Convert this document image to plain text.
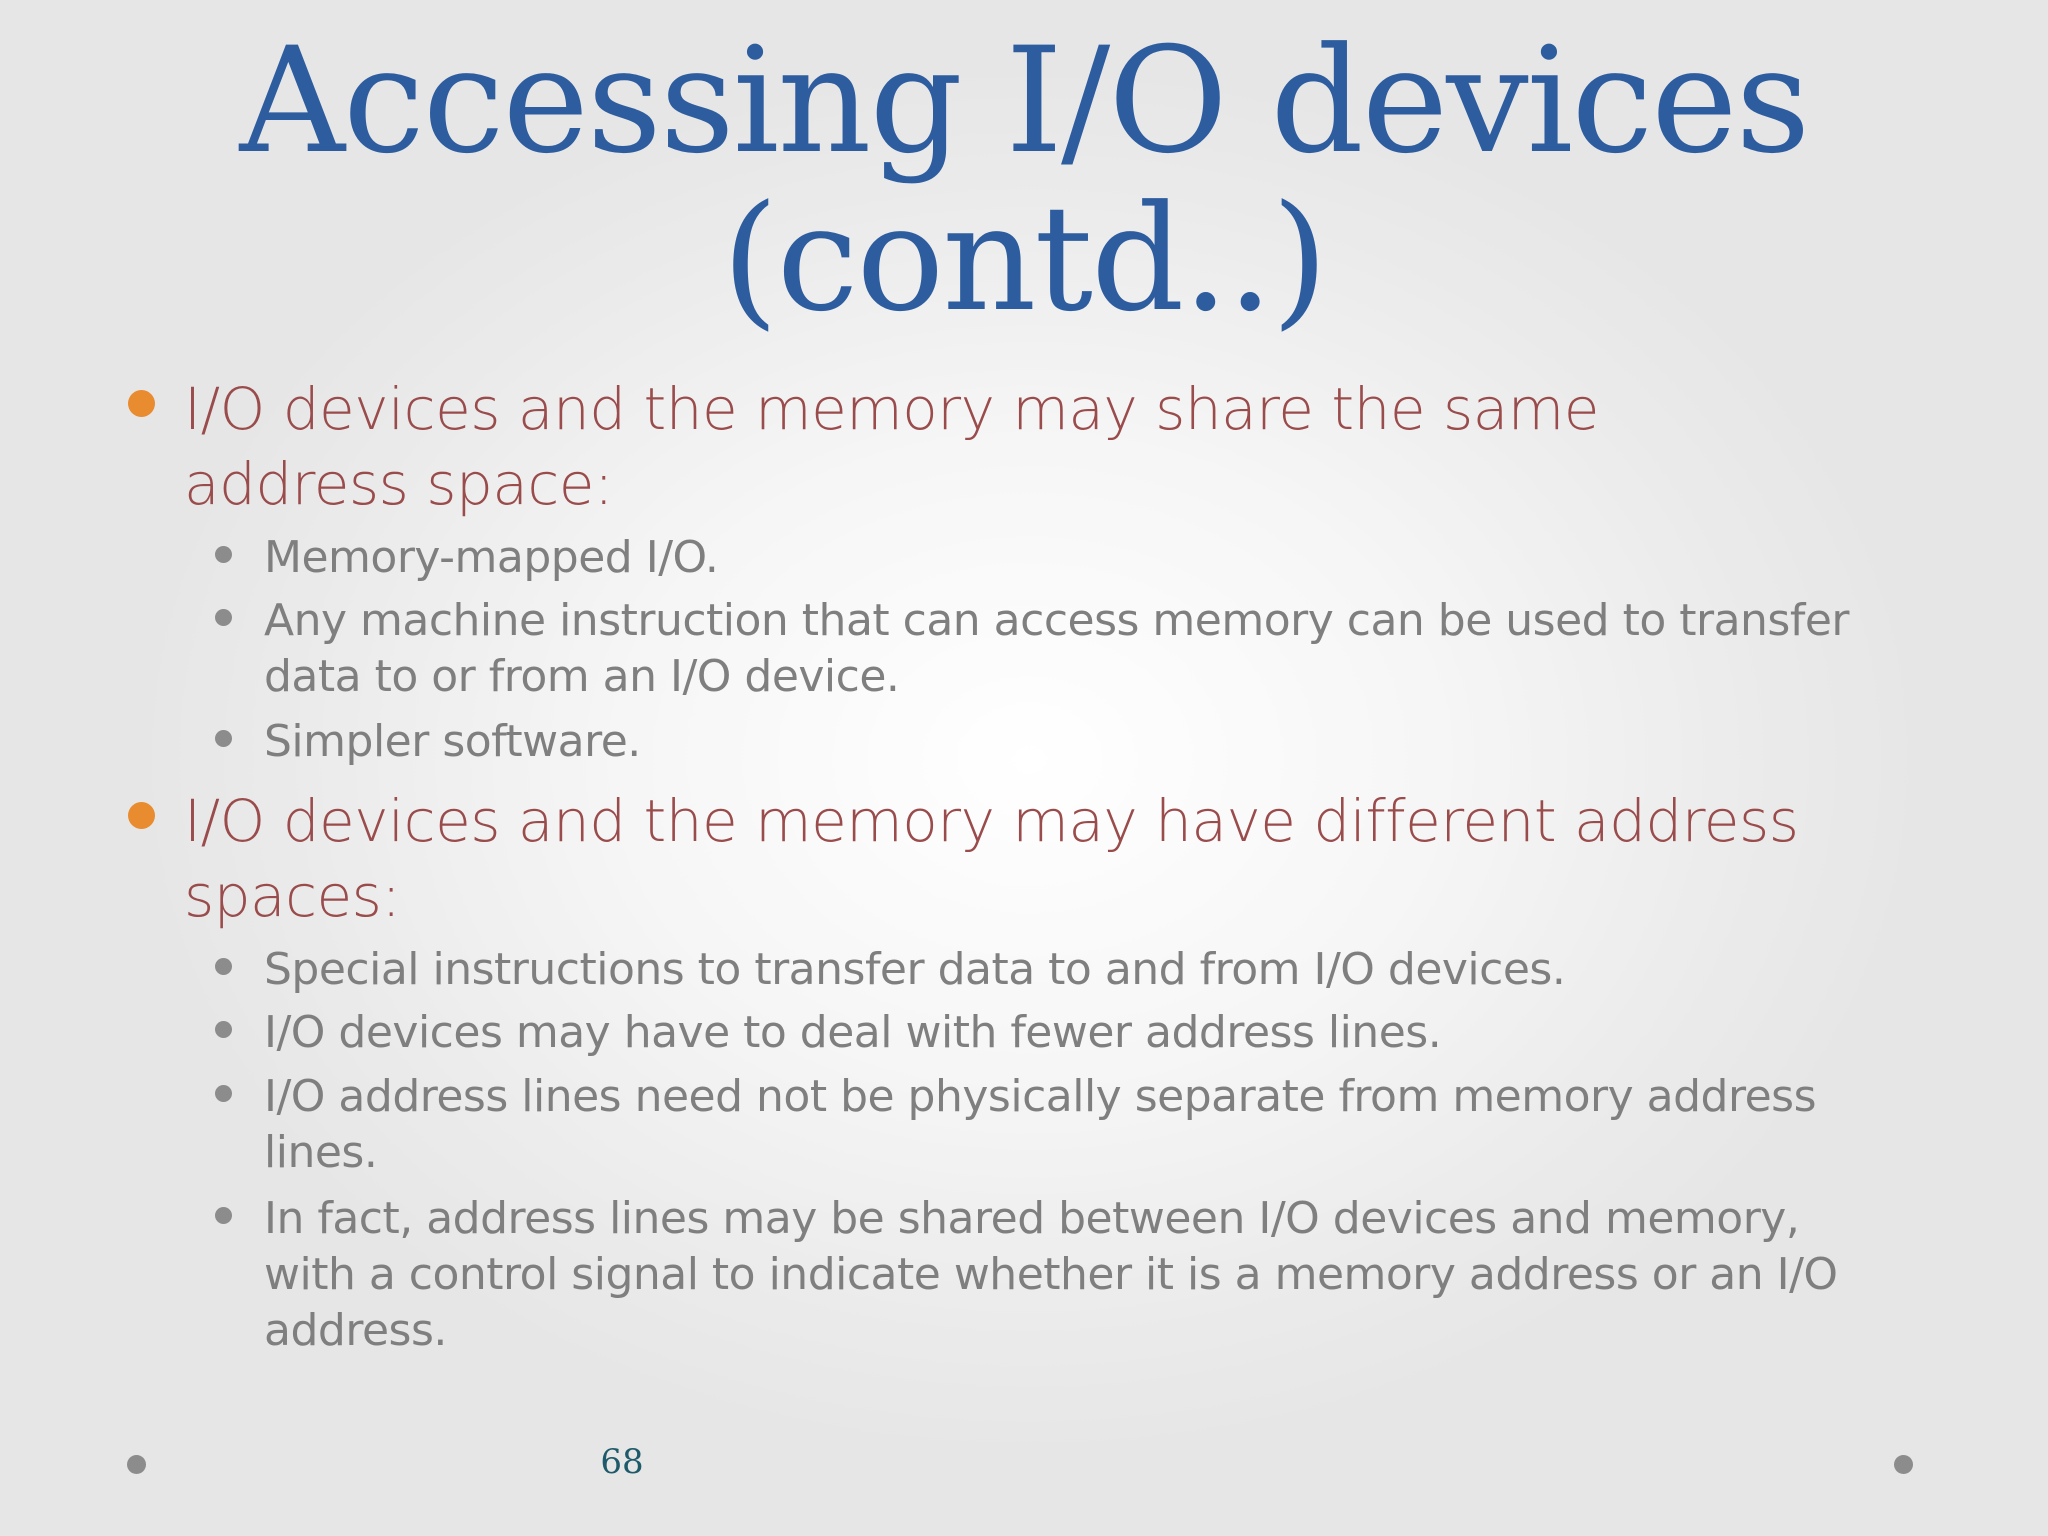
Accessing I/O devices
(contd..)
I/O devices and the memory may share the same
address space:
Memory-mapped I/O.
Any machine instruction that can access memory can be used to transfer
data to or from an I/O device.
Simpler software.
I/O devices and the memory may have different address
spaces:
Special instructions to transfer data to and from I/O devices.
I/O devices may have to deal with fewer address lines.
I/O address lines need not be physically separate from memory address
lines.
In fact, address lines may be shared between I/O devices and memory,
with a control signal to indicate whether it is a memory address or an I/O
address.
68
